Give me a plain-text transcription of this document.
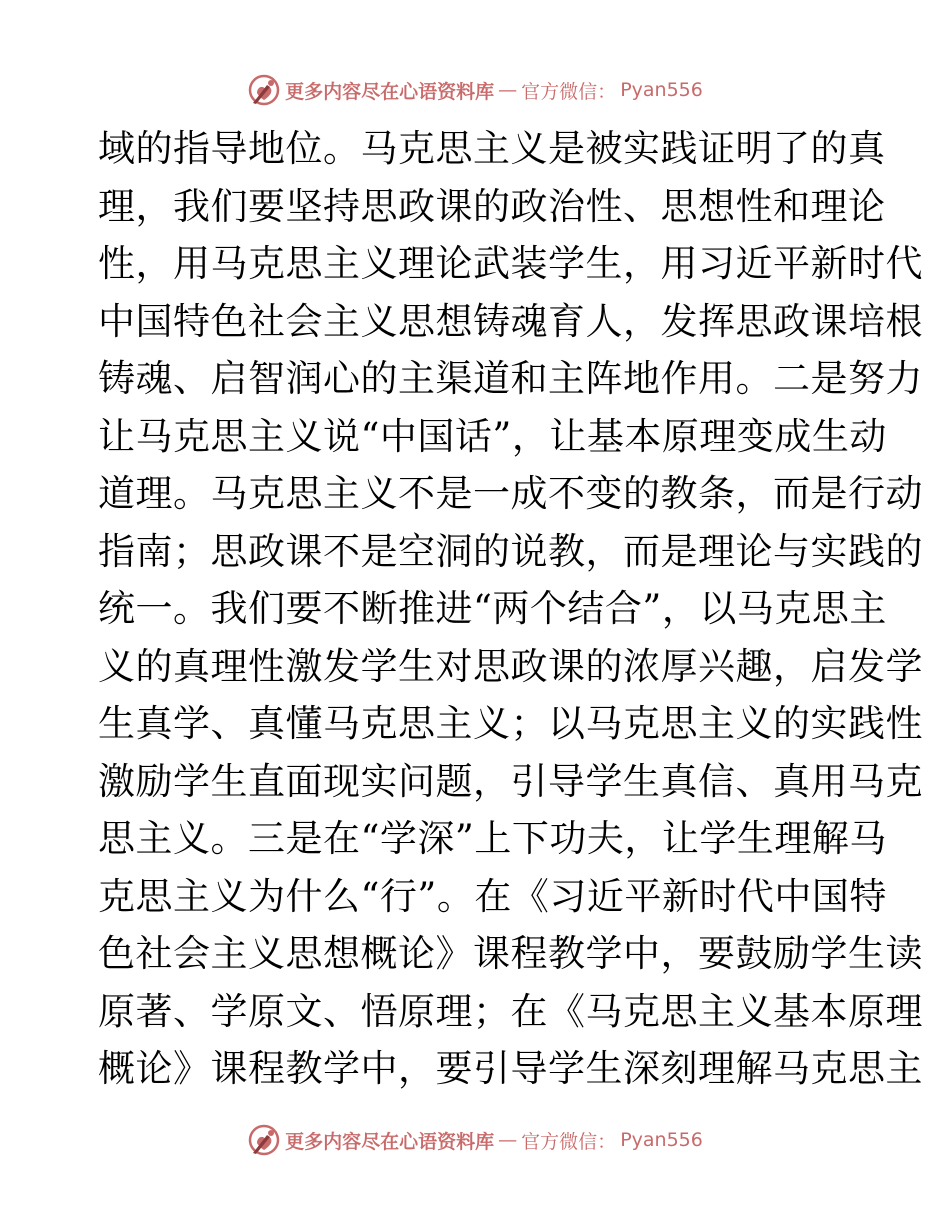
更多内容尽在心语资料库 — 官方微信： Pyan556
域的指导地位。马克思主义是被实践证明了的真
理，我们要坚持思政课的政治性、思想性和理论
性，用马克思主义理论武装学生，用习近平新时代
中国特色社会主义思想铸魂育人，发挥思政课培根
铸魂、启智润心的主渠道和主阵地作用。二是努力
让马克思主义说“中国话”，让基本原理变成生动
道理。马克思主义不是一成不变的教条，而是行动
指南；思政课不是空洞的说教，而是理论与实践的
统一。我们要不断推进“两个结合”，以马克思主
义的真理性激发学生对思政课的浓厚兴趣，启发学
生真学、真懂马克思主义；以马克思主义的实践性
激励学生直面现实问题，引导学生真信、真用马克
思主义。三是在“学深”上下功夫，让学生理解马
克思主义为什么“行”。在《习近平新时代中国特
色社会主义思想概论》课程教学中，要鼓励学生读
原著、学原文、悟原理；在《马克思主义基本原理
概论》课程教学中，要引导学生深刻理解马克思主
更多内容尽在心语资料库 — 官方微信： Pyan556
